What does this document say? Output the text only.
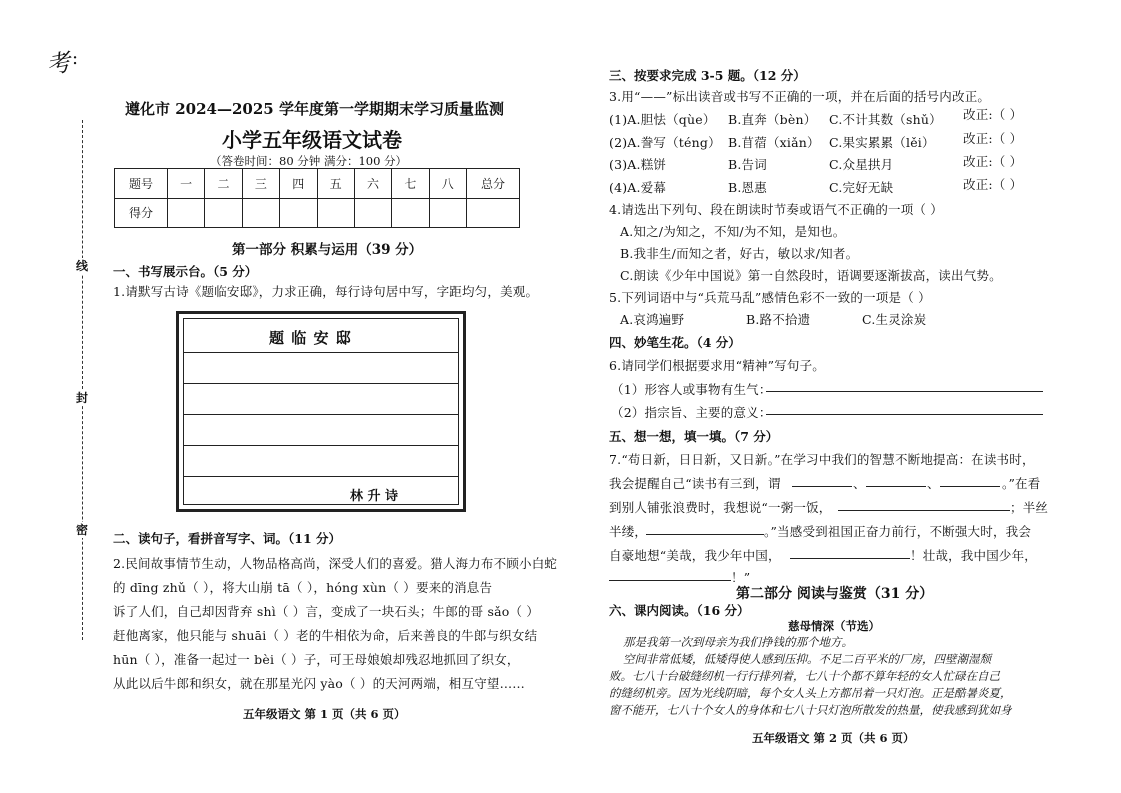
考 :
线
封
密
遵化市 2024—2025 学年度第一学期期末学习质量监测
小学五年级语文试卷
（答卷时间：80 分钟 满分：100 分）
题号	一	二	三	四	五	六	七	八	总分
得分									
第一部分 积累与运用（39 分）
一、书写展示台。（5 分）
1.请默写古诗《题临安邸》，力求正确，每行诗句居中写，字距均匀，美观。
题 临 安 邸
林 升 诗
二、读句子，看拼音写字、词。（11 分）
2.民间故事情节生动，人物品格高尚，深受人们的喜爱。猎人海力布不顾小白蛇
的 dīng zhǔ（ ），将大山崩 tā（ ），hóng xùn（ ）要来的消息告
诉了人们，自己却因背弃 shì（ ）言，变成了一块石头；牛郎的哥 sǎo（ ）
赶他离家，他只能与 shuāi（ ）老的牛相依为命，后来善良的牛郎与织女结
hūn（ ），准备一起过一 bèi（ ）子，可王母娘娘却残忍地抓回了织女，
从此以后牛郎和织女，就在那星光闪 yào（ ）的天河两端，相互守望……
五年级语文 第 1 页（共 6 页）
三、按要求完成 3-5 题。（12 分）
3.用“——”标出读音或书写不正确的一项，并在后面的括号内改正。
(1)A.胆怯（qùe） B.直奔（bèn） C.不计其数（shǔ） 改正:（ ）
(2)A.誊写（téng） B.苜蓿（xiǎn） C.果实累累（lěi） 改正:（ ）
(3)A.糕饼	B.告词	C.众星拱月	改正:（ ）
(4)A.爱幕	B.恩惠	C.完好无缺	改正:（ ）
4.请选出下列句、段在朗读时节奏或语气不正确的一项（ ）
A.知之/为知之，不知/为不知，是知也。
B.我非生/而知之者，好古，敏以求/知者。
C.朗读《少年中国说》第一自然段时，语调要逐渐拔高，读出气势。
5.下列词语中与“兵荒马乱”感情色彩不一致的一项是（ ）
A.哀鸿遍野	B.路不拾遗	C.生灵涂炭
四、妙笔生花。（4 分）
6.请同学们根据要求用“精神”写句子。
（1）形容人或事物有生气：
（2）指宗旨、主要的意义：
五、想一想，填一填。（7 分）
7.“苟日新，日日新，又日新。”在学习中我们的智慧不断地提高：在读书时，
我会提醒自己“读书有三到，谓	、	、	。”在看
到别人铺张浪费时，我想说“一粥一饭，	；半丝
半缕，	。”当感受到祖国正奋力前行，不断强大时，我会
自豪地想“美哉，我少年中国，	！壮哉，我中国少年，
！”
第二部分 阅读与鉴赏（31 分）
六、课内阅读。（16 分）
慈母情深（节选）
那是我第一次到母亲为我们挣钱的那个地方。
空间非常低矮，低矮得使人感到压抑。不足二百平米的厂房，四壁潮湿颓
败。七八十台破缝纫机一行行排列着，七八十个都不算年轻的女人忙碌在自己
的缝纫机旁。因为光线阴暗，每个女人头上方都吊着一只灯泡。正是酷暑炎夏，
窗不能开，七八十个女人的身体和七八十只灯泡所散发的热量，使我感到犹如身
五年级语文 第 2 页（共 6 页）
